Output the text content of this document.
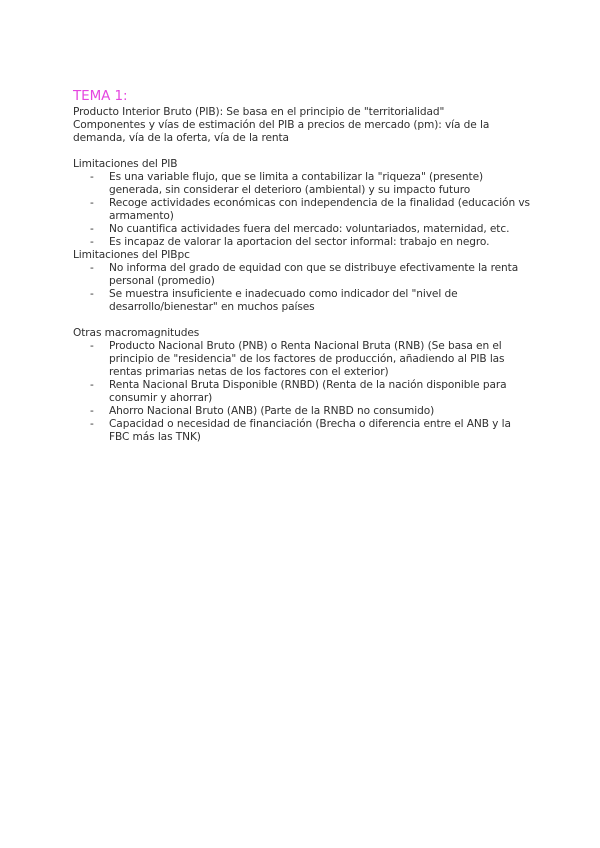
TEMA 1:

Producto Interior Bruto (PIB): Se basa en el principio de "territorialidad"

Componentes y vías de estimación del PIB a precios de mercado (pm): vía de la demanda, vía de la oferta, vía de la renta

Limitaciones del PIB

- Es una variable flujo, que se limita a contabilizar la "riqueza" (presente) generada, sin considerar el deterioro (ambiental) y su impacto futuro
- Recoge actividades económicas con independencia de la finalidad (educación vs armamento)
- No cuantifica actividades fuera del mercado: voluntariados, maternidad, etc.
- Es incapaz de valorar la aportacion del sector informal: trabajo en negro.

Limitaciones del PIBpc

- No informa del grado de equidad con que se distribuye efectivamente la renta personal (promedio)
- Se muestra insuficiente e inadecuado como indicador del "nivel de desarrollo/bienestar" en muchos países

Otras macromagnitudes

- Producto Nacional Bruto (PNB) o Renta Nacional Bruta (RNB) (Se basa en el principio de "residencia" de los factores de producción, añadiendo al PIB las rentas primarias netas de los factores con el exterior)
- Renta Nacional Bruta Disponible (RNBD) (Renta de la nación disponible para consumir y ahorrar)
- Ahorro Nacional Bruto (ANB) (Parte de la RNBD no consumido)
- Capacidad o necesidad de financiación (Brecha o diferencia entre el ANB y la FBC más las TNK)
